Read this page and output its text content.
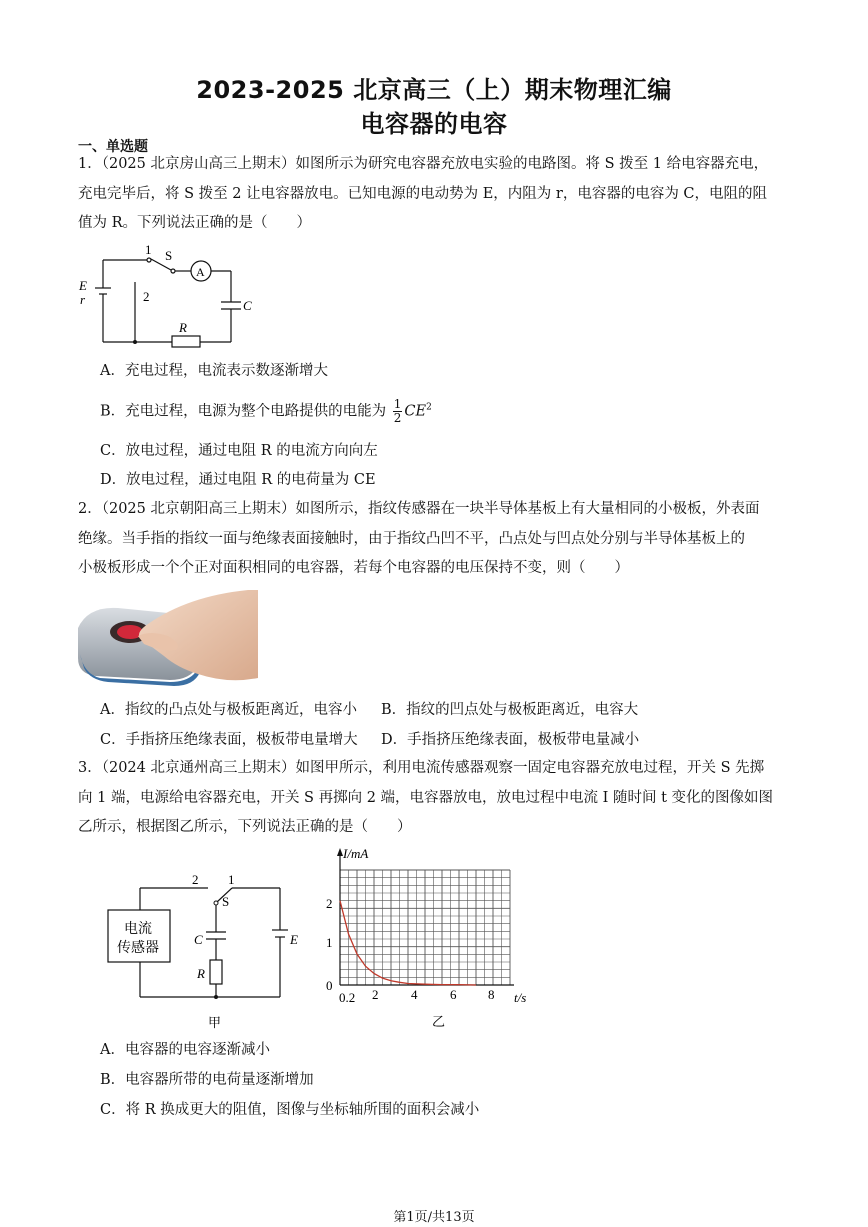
2023-2025 北京高三（上）期末物理汇编
电容器的电容
一、单选题
1．（2025 北京房山高三上期末）如图所示为研究电容器充放电实验的电路图。将 S 拨至 1 给电容器充电，
充电完毕后，将 S 拨至 2 让电容器放电。已知电源的电动势为 E，内阻为 r，电容器的电容为 C，电阻的阻
值为 R。下列说法正确的是（　　）
1 S
A
E
r	2
C
R
A．充电过程，电流表示数逐渐增大
B．充电过程，电源为整个电路提供的电能为 $\frac{1}{2} CE^2$
C．放电过程，通过电阻 R 的电流方向向左
D．放电过程，通过电阻 R 的电荷量为 CE
2．（2025 北京朝阳高三上期末）如图所示，指纹传感器在一块半导体基板上有大量相同的小极板，外表面
绝缘。当手指的指纹一面与绝缘表面接触时，由于指纹凸凹不平，凸点处与凹点处分别与半导体基板上的
小极板形成一个个正对面积相同的电容器，若每个电容器的电压保持不变，则（　　）
A．指纹的凸点处与极板距离近，电容小 B．指纹的凹点处与极板距离近，电容大
C．手指挤压绝缘表面，极板带电量增大 D．手指挤压绝缘表面，极板带电量减小
3．（2024 北京通州高三上期末）如图甲所示，利用电流传感器观察一固定电容器充放电过程，开关 S 先掷
向 1 端，电源给电容器充电，开关 S 再掷向 2 端，电容器放电，放电过程中电流 I 随时间 t 变化的图像如图
乙所示，根据图乙所示，下列说法正确的是（　　）
2 1
S
电流
传感器
C
R
E
甲
I/mA
t/s
2
1
0
0.2 2	4	6 8
乙
A．电容器的电容逐渐减小
B．电容器所带的电荷量逐渐增加
C．将 R 换成更大的阻值，图像与坐标轴所围的面积会减小
第1页/共13页
